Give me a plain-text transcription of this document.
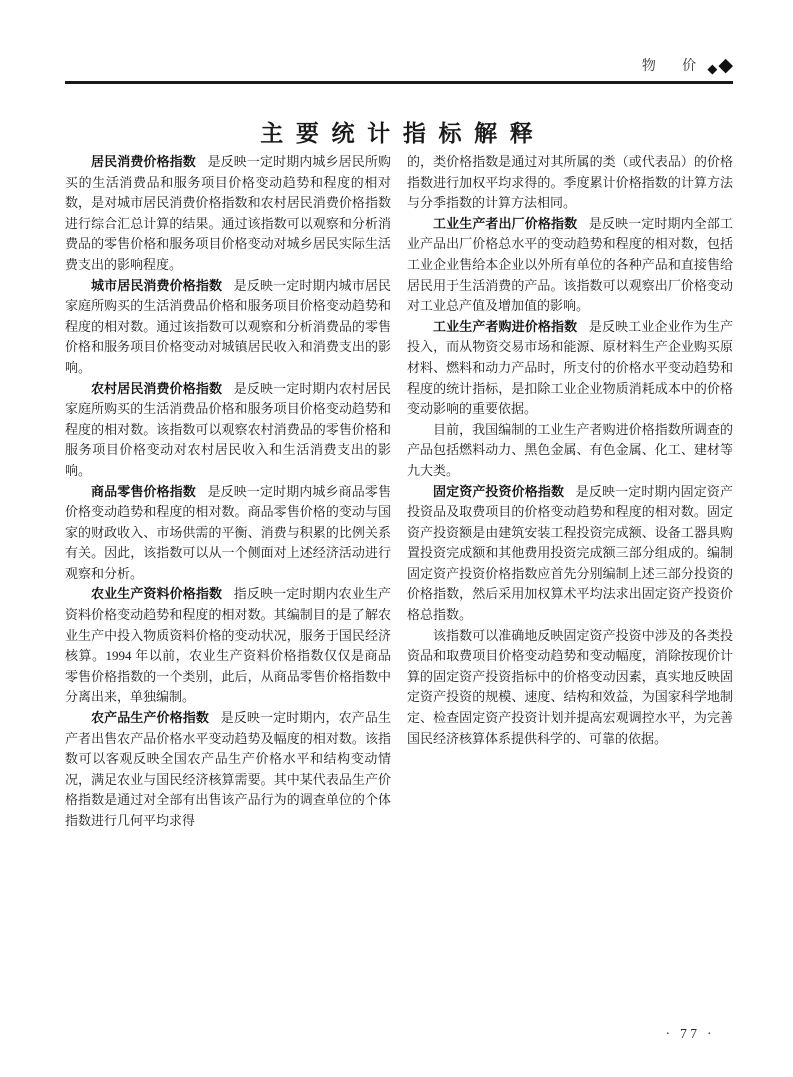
物 价 ◆ ◆
主要统计指标解释

居民消费价格指数 是反映一定时期内城乡居民所购买的生活消费品和服务项目价格变动趋势和程度的相对数，是对城市居民消费价格指数和农村居民消费价格指数进行综合汇总计算的结果。通过该指数可以观察和分析消费品的零售价格和服务项目价格变动对城乡居民实际生活费支出的影响程度。

城市居民消费价格指数 是反映一定时期内城市居民家庭所购买的生活消费品价格和服务项目价格变动趋势和程度的相对数。通过该指数可以观察和分析消费品的零售价格和服务项目价格变动对城镇居民收入和消费支出的影响。

农村居民消费价格指数 是反映一定时期内农村居民家庭所购买的生活消费品价格和服务项目价格变动趋势和程度的相对数。该指数可以观察农村消费品的零售价格和服务项目价格变动对农村居民收入和生活消费支出的影响。

商品零售价格指数 是反映一定时期内城乡商品零售价格变动趋势和程度的相对数。商品零售价格的变动与国家的财政收入、市场供需的平衡、消费与积累的比例关系有关。因此，该指数可以从一个侧面对上述经济活动进行观察和分析。

农业生产资料价格指数 指反映一定时期内农业生产资料价格变动趋势和程度的相对数。其编制目的是了解农业生产中投入物质资料价格的变动状况，服务于国民经济核算。1994 年以前，农业生产资料价格指数仅仅是商品零售价格指数的一个类别，此后，从商品零售价格指数中分离出来，单独编制。

农产品生产价格指数 是反映一定时期内，农产品生产者出售农产品价格水平变动趋势及幅度的相对数。该指数可以客观反映全国农产品生产价格水平和结构变动情况，满足农业与国民经济核算需要。其中某代表品生产价格指数是通过对全部有出售该产品行为的调查单位的个体指数进行几何平均求得

的，类价格指数是通过对其所属的类（或代表品）的价格指数进行加权平均求得的。季度累计价格指数的计算方法与分季指数的计算方法相同。

工业生产者出厂价格指数 是反映一定时期内全部工业产品出厂价格总水平的变动趋势和程度的相对数，包括工业企业售给本企业以外所有单位的各种产品和直接售给居民用于生活消费的产品。该指数可以观察出厂价格变动对工业总产值及增加值的影响。

工业生产者购进价格指数 是反映工业企业作为生产投入，而从物资交易市场和能源、原材料生产企业购买原材料、燃料和动力产品时，所支付的价格水平变动趋势和程度的统计指标，是扣除工业企业物质消耗成本中的价格变动影响的重要依据。

目前，我国编制的工业生产者购进价格指数所调查的产品包括燃料动力、黑色金属、有色金属、化工、建材等九大类。

固定资产投资价格指数 是反映一定时期内固定资产投资品及取费项目的价格变动趋势和程度的相对数。固定资产投资额是由建筑安装工程投资完成额、设备工器具购置投资完成额和其他费用投资完成额三部分组成的。编制固定资产投资价格指数应首先分别编制上述三部分投资的价格指数，然后采用加权算术平均法求出固定资产投资价格总指数。

该指数可以准确地反映固定资产投资中涉及的各类投资品和取费项目价格变动趋势和变动幅度，消除按现价计算的固定资产投资指标中的价格变动因素，真实地反映固定资产投资的规模、速度、结构和效益，为国家科学地制定、检查固定资产投资计划并提高宏观调控水平，为完善国民经济核算体系提供科学的、可靠的依据。

· 77 ·
